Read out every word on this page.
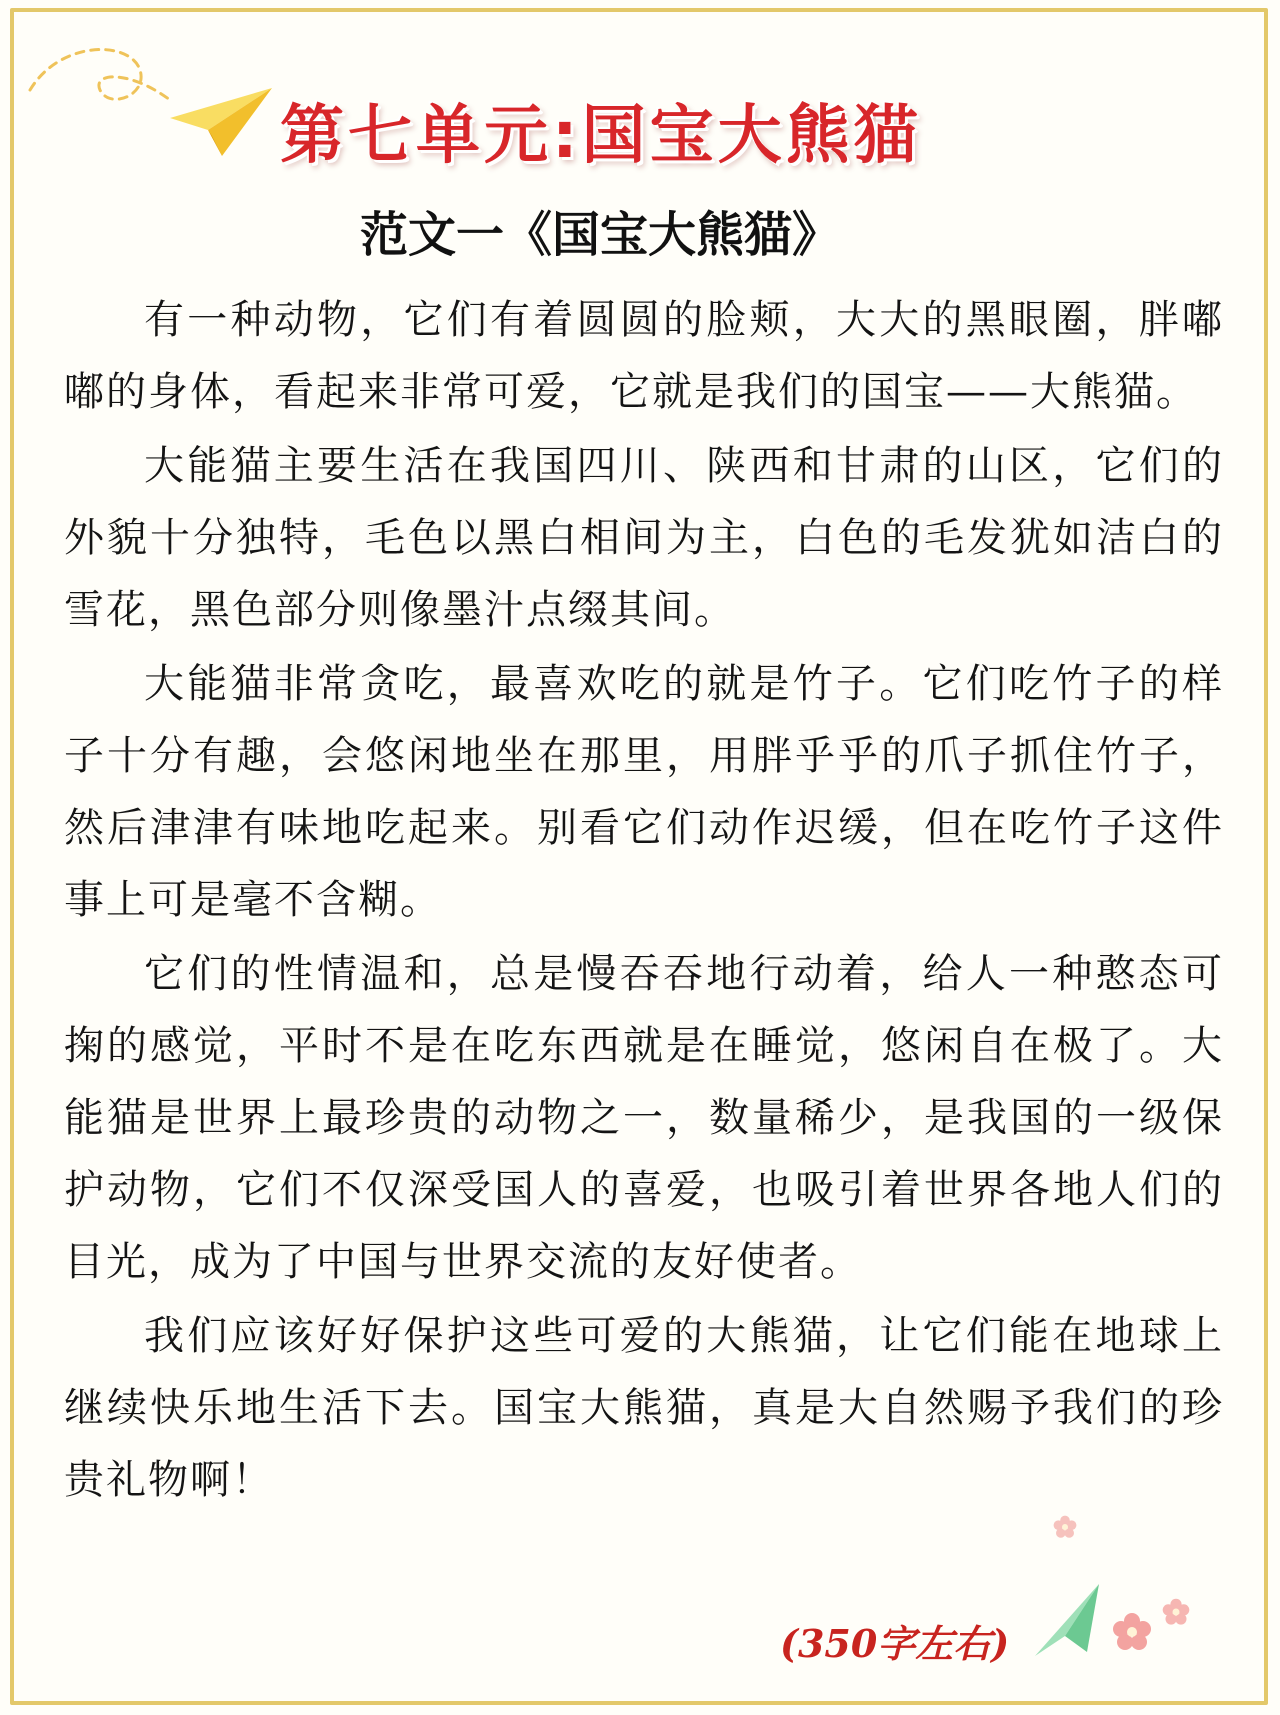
第七单元:国宝大熊猫
范文一《国宝大熊猫》

有一种动物，它们有着圆圆的脸颊，大大的黑眼圈，胖嘟嘟的身体，看起来非常可爱，它就是我们的国宝——大熊猫。

大能猫主要生活在我国四川、陕西和甘肃的山区，它们的外貌十分独特，毛色以黑白相间为主，白色的毛发犹如洁白的雪花，黑色部分则像墨汁点缀其间。

大能猫非常贪吃，最喜欢吃的就是竹子。它们吃竹子的样子十分有趣，会悠闲地坐在那里，用胖乎乎的爪子抓住竹子，然后津津有味地吃起来。别看它们动作迟缓，但在吃竹子这件事上可是毫不含糊。

它们的性情温和，总是慢吞吞地行动着，给人一种憨态可掬的感觉，平时不是在吃东西就是在睡觉，悠闲自在极了。大能猫是世界上最珍贵的动物之一，数量稀少，是我国的一级保护动物，它们不仅深受国人的喜爱，也吸引着世界各地人们的目光，成为了中国与世界交流的友好使者。

我们应该好好保护这些可爱的大熊猫，让它们能在地球上继续快乐地生活下去。国宝大熊猫，真是大自然赐予我们的珍贵礼物啊！

(350字左右)
